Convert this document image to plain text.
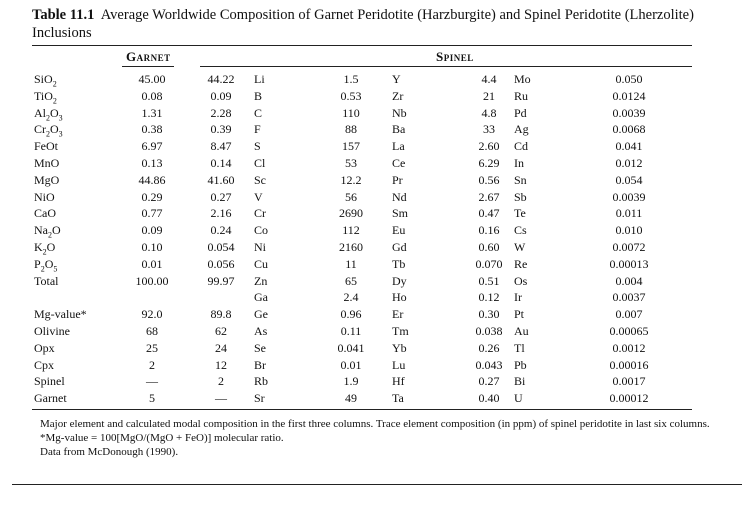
Table 11.1 Average Worldwide Composition of Garnet Peridotite (Harzburgite) and Spinel Peridotite (Lherzolite) Inclusions
Garnet	Spinel
SiO$_2$	45.00	44.22	Li	1.5	Y	4.4	Mo	0.050	
TiO$_2$	0.08	0.09	B	0.53	Zr	21	Ru	0.0124	
$Al_2O_3$	1.31	2.28	C	110	Nb	4.8	Pd	0.0039	
$Cr_2O_3$	0.38	0.39	F	88	Ba	33	Ag	0.0068	
FeOt	6.97	8.47	S	157	La	2.60	Cd	0.041	
MnO	0.13	0.14	Cl	53	Ce	6.29	In	0.012	
MgO	44.86	41.60	Sc	12.2	Pr	0.56	Sn	0.054	
NiO	0.29	0.27	V	56	Nd	2.67	Sb	0.0039	
CaO	0.77	2.16	Cr	2690	Sm	0.47	Te	0.011	
$Na_2O$	0.09	0.24	Co	112	Eu	0.16	Cs	0.010	
$K_2O$	0.10	0.054	Ni	2160	Gd	0.60	W	0.0072	
$P_2O_5$	0.01	0.056	Cu	11	Tb	0.070	Re	0.00013	
Total	100.00	99.97	Zn	65	Dy	0.51	Os	0.004	
			Ga	2.4	Ho	0.12	Ir	0.0037	
Mg-value*	92.0	89.8	Ge	0.96	Er	0.30	Pt	0.007	
Olivine	68	62	As	0.11	Tm	0.038	Au	0.00065	
Opx	25	24	Se	0.041	Yb	0.26	Tl	0.0012	
Cpx	2	12	Br	0.01	Lu	0.043	Pb	0.00016	
Spinel	—	2	Rb	1.9	Hf	0.27	Bi	0.0017	
Garnet	5	—	Sr	49	Ta	0.40	U	0.00012	
Major element and calculated modal composition in the first three columns. Trace element composition (in ppm) of spinel peridotite in last six columns.
*Mg-value = 100[MgO/(MgO + FeO)] molecular ratio.
Data from McDonough (1990).
